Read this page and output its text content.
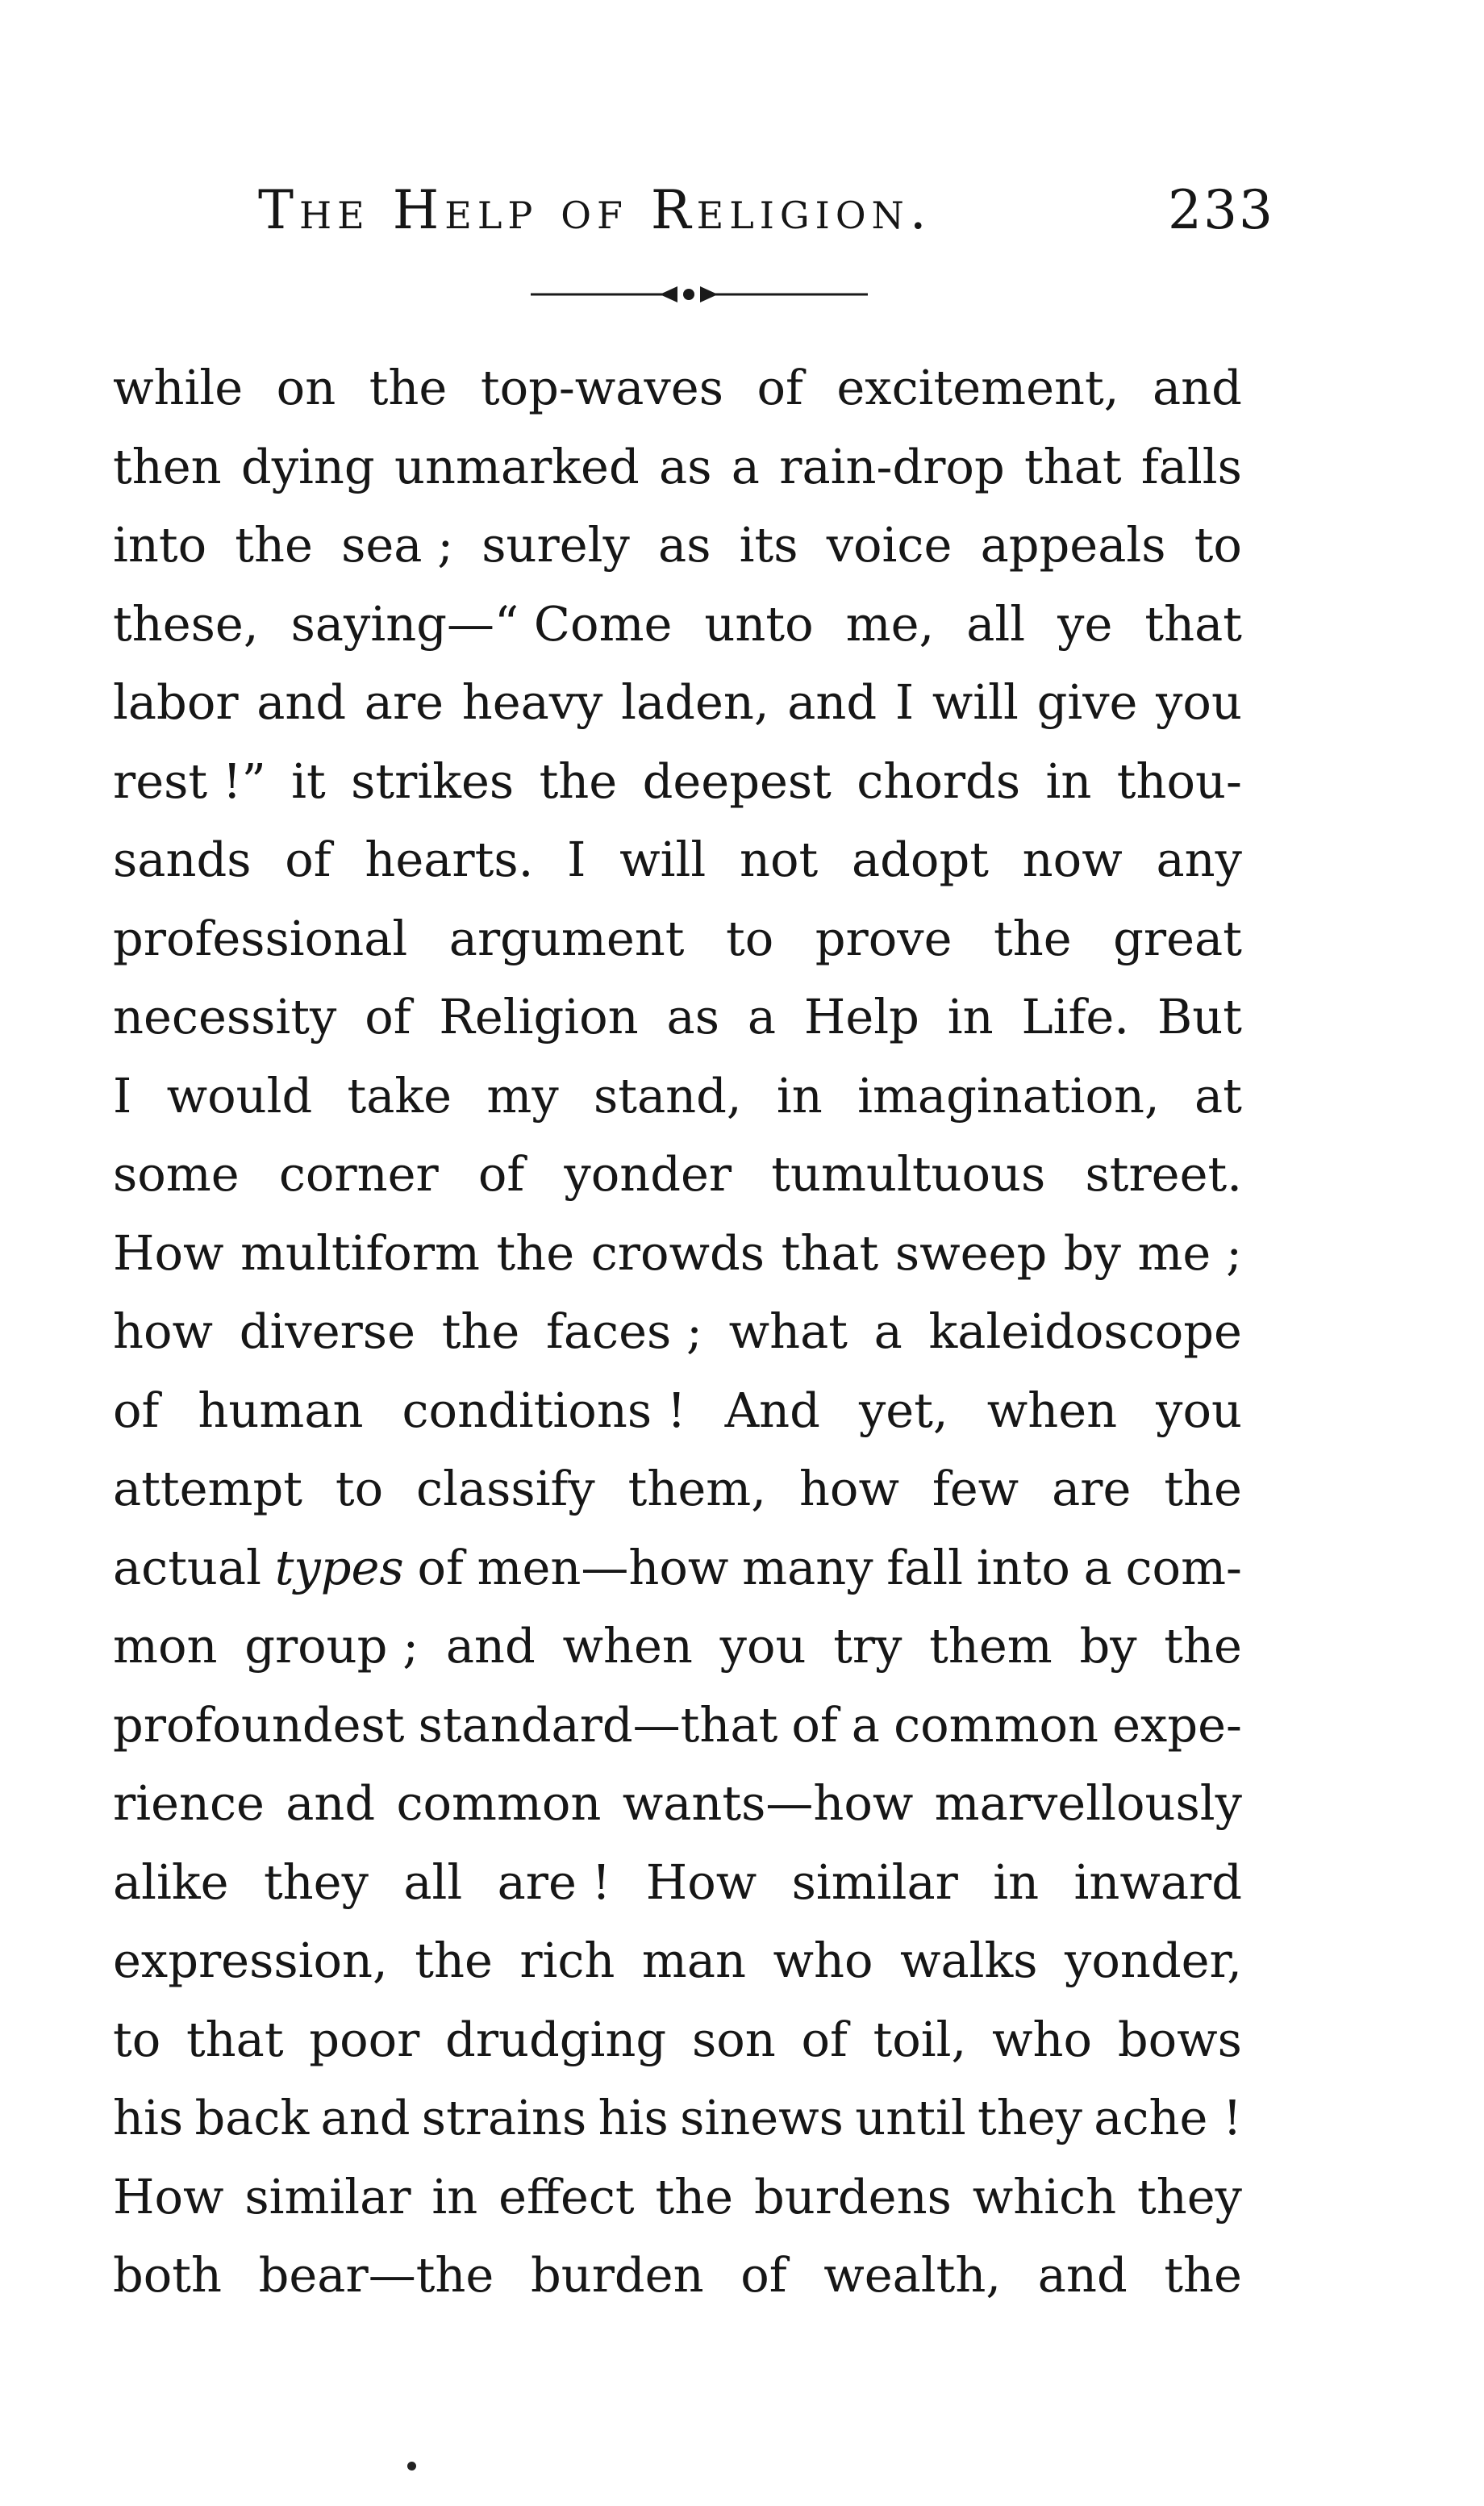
The Help of Religion.	233
while on the top-waves of excitement, and
then dying unmarked as a rain-drop that falls
into the sea ; surely as its voice appeals to
these, saying—“ Come unto me, all ye that
labor and are heavy laden, and I will give you
rest !” it strikes the deepest chords in thou-
sands of hearts. I will not adopt now any
professional argument to prove the great
necessity of Religion as a Help in Life. But
I would take my stand, in imagination, at
some corner of yonder tumultuous street.
How multiform the crowds that sweep by me ;
how diverse the faces ; what a kaleidoscope
of human conditions ! And yet, when you
attempt to classify them, how few are the
actual types of men—how many fall into a com-
mon group ; and when you try them by the
profoundest standard—that of a common expe-
rience and common wants—how marvellously
alike they all are ! How similar in inward
expression, the rich man who walks yonder,
to that poor drudging son of toil, who bows
his back and strains his sinews until they ache !
How similar in effect the burdens which they
both bear—the burden of wealth, and the
